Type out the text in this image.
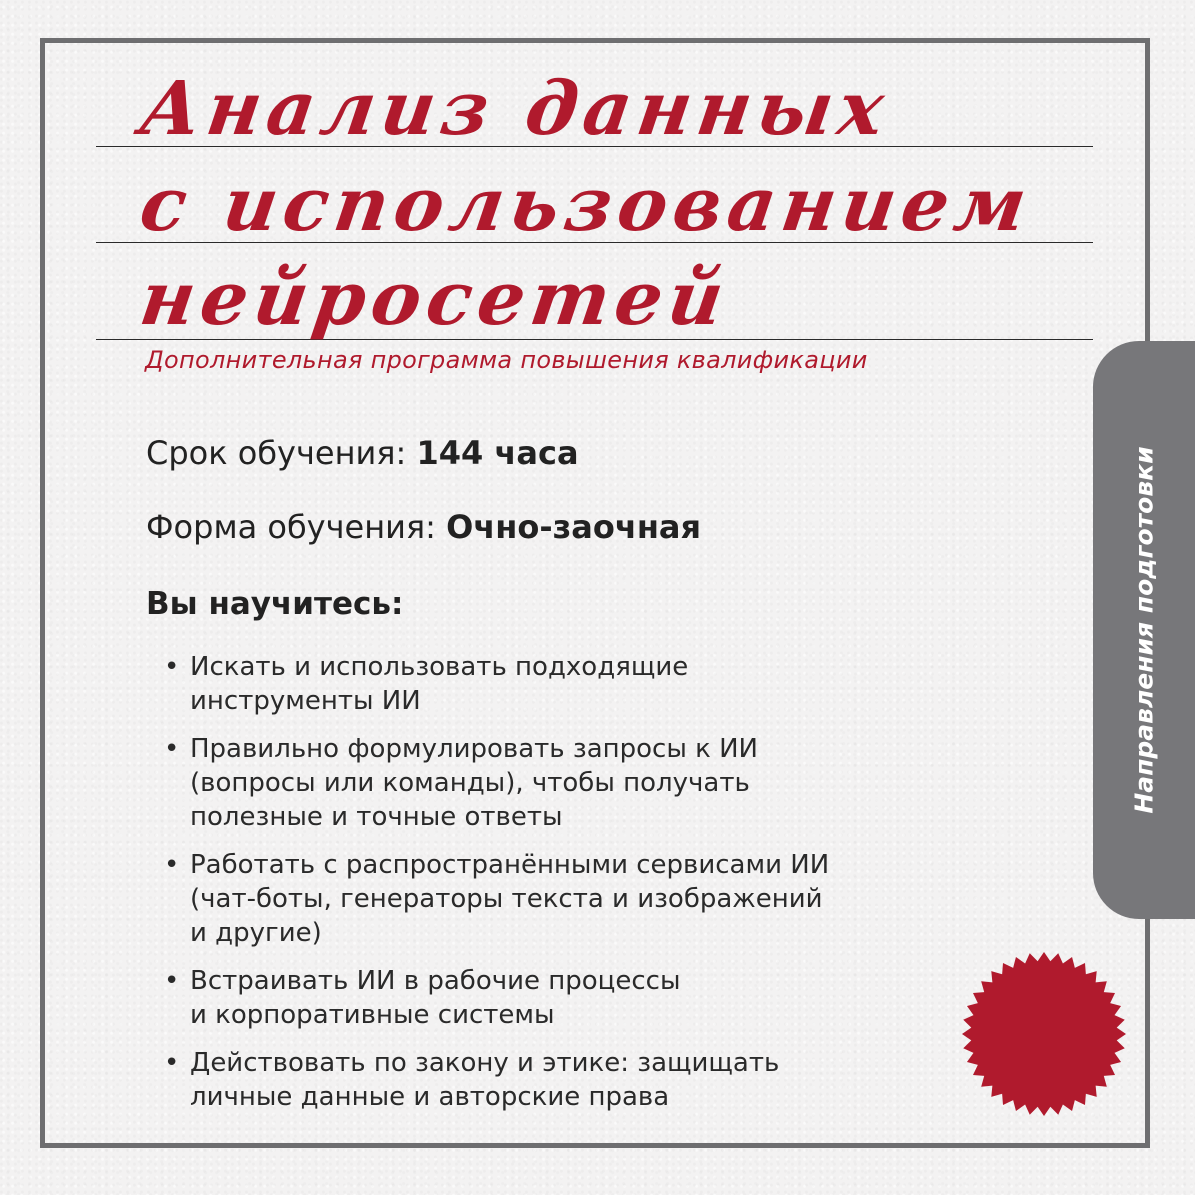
Анализ данных
с использованием
нейросетей

Дополнительная программа повышения квалификации

Срок обучения: 144 часа

Форма обучения: Очно-заочная

Вы научитесь:
• Искать и использовать подходящие
инструменты ИИ
• Правильно формулировать запросы к ИИ
(вопросы или команды), чтобы получать
полезные и точные ответы
• Работать с распространёнными сервисами ИИ
(чат-боты, генераторы текста и изображений
и другие)
• Встраивать ИИ в рабочие процессы
и корпоративные системы
• Действовать по закону и этике: защищать
личные данные и авторские права
Направления подготовки
